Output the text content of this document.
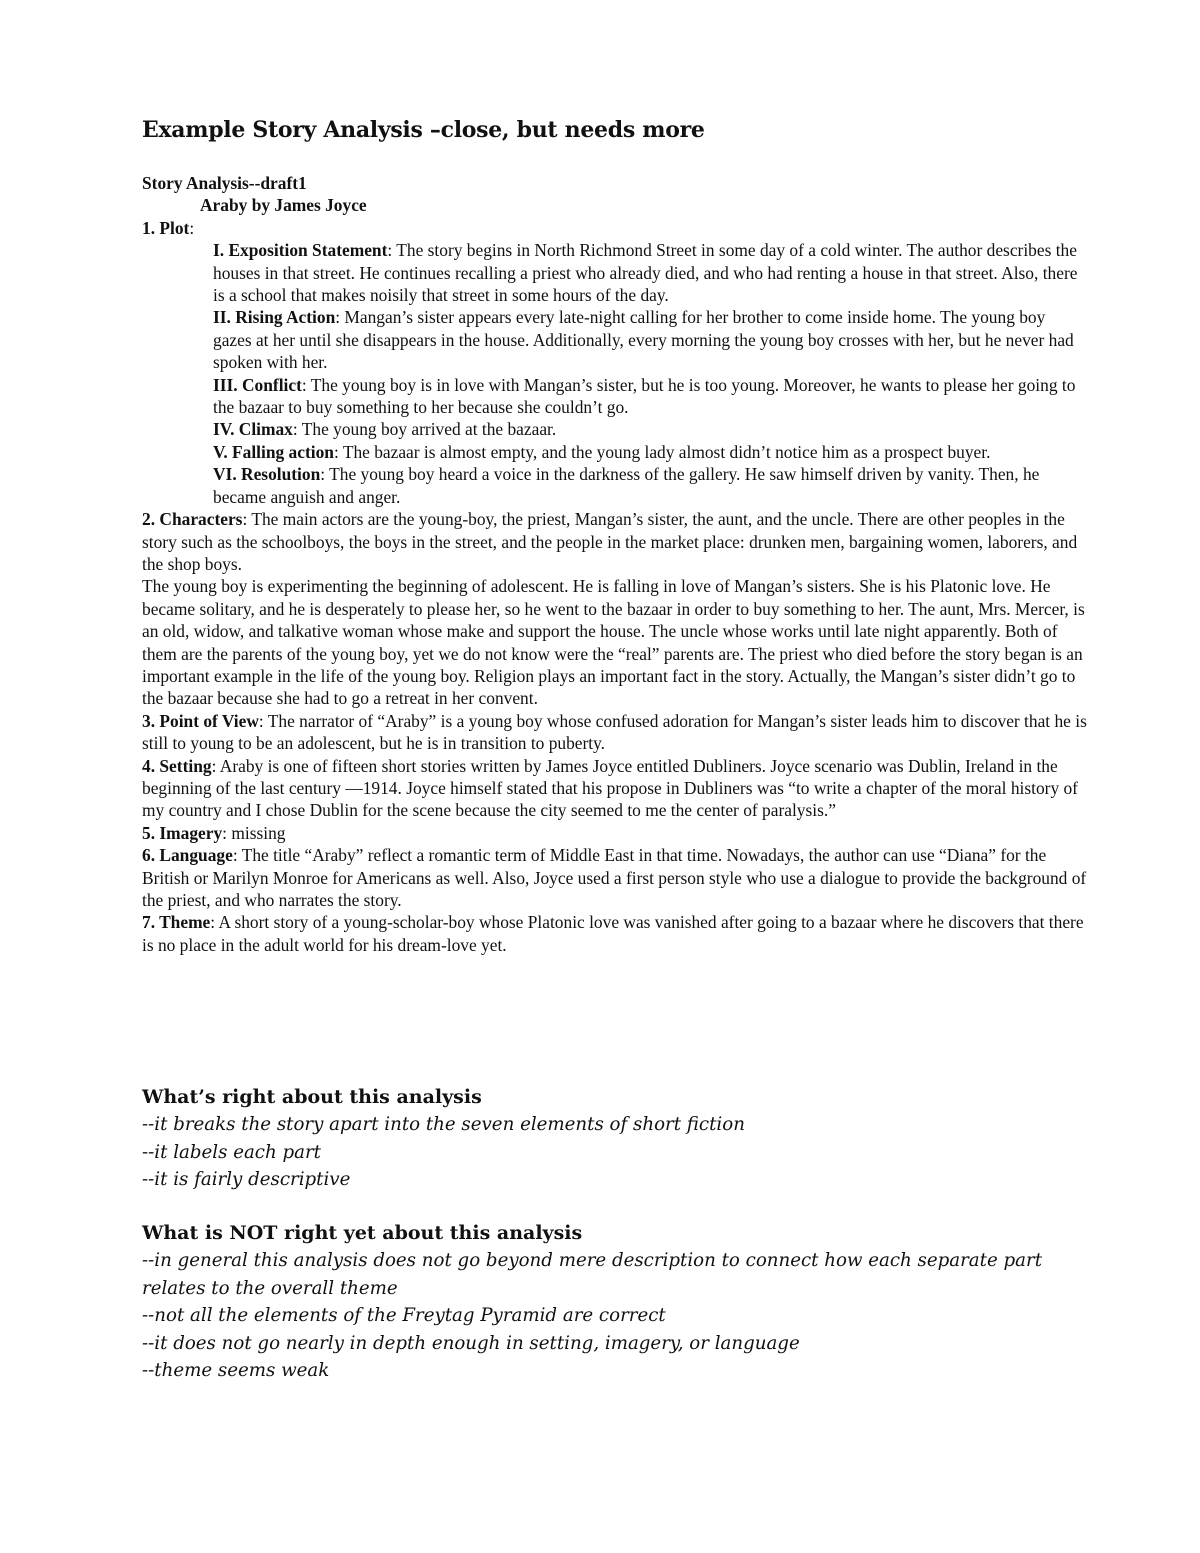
Example Story Analysis –close, but needs more

Story Analysis--draft1

Araby by James Joyce

1. Plot:

I. Exposition Statement: The story begins in North Richmond Street in some day of a cold winter. The author describes the houses in that street. He continues recalling a priest who already died, and who had renting a house in that street. Also, there is a school that makes noisily that street in some hours of the day.

II. Rising Action: Mangan’s sister appears every late-night calling for her brother to come inside home. The young boy gazes at her until she disappears in the house. Additionally, every morning the young boy crosses with her, but he never had spoken with her.

III. Conflict: The young boy is in love with Mangan’s sister, but he is too young. Moreover, he wants to please her going to the bazaar to buy something to her because she couldn’t go.

IV. Climax: The young boy arrived at the bazaar.

V. Falling action: The bazaar is almost empty, and the young lady almost didn’t notice him as a prospect buyer.

VI. Resolution: The young boy heard a voice in the darkness of the gallery. He saw himself driven by vanity. Then, he became anguish and anger.

2. Characters: The main actors are the young-boy, the priest, Mangan’s sister, the aunt, and the uncle. There are other peoples in the story such as the schoolboys, the boys in the street, and the people in the market place: drunken men, bargaining women, laborers, and the shop boys.

The young boy is experimenting the beginning of adolescent. He is falling in love of Mangan’s sisters. She is his Platonic love. He became solitary, and he is desperately to please her, so he went to the bazaar in order to buy something to her. The aunt, Mrs. Mercer, is an old, widow, and talkative woman whose make and support the house. The uncle whose works until late night apparently. Both of them are the parents of the young boy, yet we do not know were the “real” parents are. The priest who died before the story began is an important example in the life of the young boy. Religion plays an important fact in the story. Actually, the Mangan’s sister didn’t go to the bazaar because she had to go a retreat in her convent.

3. Point of View: The narrator of “Araby” is a young boy whose confused adoration for Mangan’s sister leads him to discover that he is still to young to be an adolescent, but he is in transition to puberty.

4. Setting: Araby is one of fifteen short stories written by James Joyce entitled Dubliners. Joyce scenario was Dublin, Ireland in the beginning of the last century —1914. Joyce himself stated that his propose in Dubliners was “to write a chapter of the moral history of my country and I chose Dublin for the scene because the city seemed to me the center of paralysis.”

5. Imagery: missing

6. Language: The title “Araby” reflect a romantic term of Middle East in that time. Nowadays, the author can use “Diana” for the British or Marilyn Monroe for Americans as well. Also, Joyce used a first person style who use a dialogue to provide the background of the priest, and who narrates the story.

7. Theme: A short story of a young-scholar-boy whose Platonic love was vanished after going to a bazaar where he discovers that there is no place in the adult world for his dream-love yet.

What’s right about this analysis
--it breaks the story apart into the seven elements of short fiction
--it labels each part
--it is fairly descriptive
What is NOT right yet about this analysis
--in general this analysis does not go beyond mere description to connect how each separate part relates to the overall theme
--not all the elements of the Freytag Pyramid are correct
--it does not go nearly in depth enough in setting, imagery, or language
--theme seems weak
